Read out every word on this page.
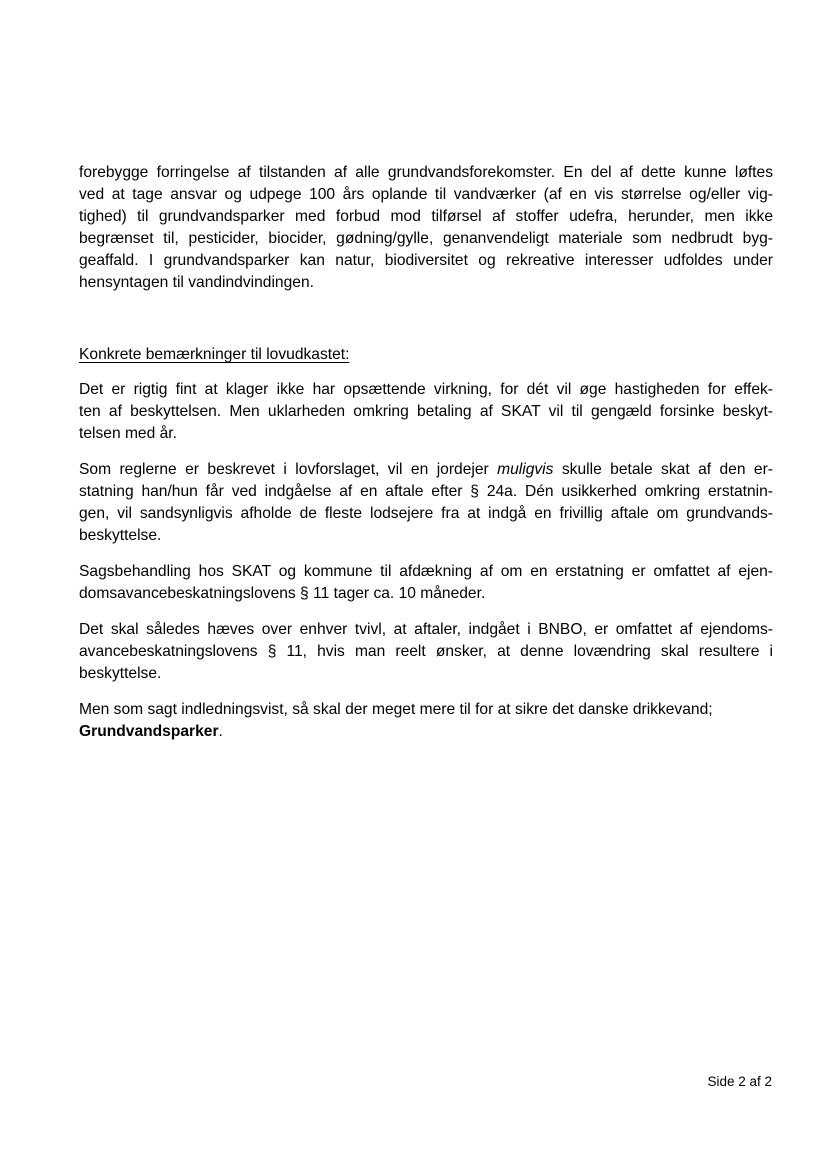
forebygge forringelse af tilstanden af alle grundvandsforekomster. En del af dette kunne løftes
ved at tage ansvar og udpege 100 års oplande til vandværker (af en vis størrelse og/eller vig-
tighed) til grundvandsparker med forbud mod tilførsel af stoffer udefra, herunder, men ikke
begrænset til, pesticider, biocider, gødning/gylle, genanvendeligt materiale som nedbrudt byg-
geaffald. I grundvandsparker kan natur, biodiversitet og rekreative interesser udfoldes under
hensyntagen til vandindvindingen.
Konkrete bemærkninger til lovudkastet:
Det er rigtig fint at klager ikke har opsættende virkning, for dét vil øge hastigheden for effek-
ten af beskyttelsen. Men uklarheden omkring betaling af SKAT vil til gengæld forsinke beskyt-
telsen med år.
Som reglerne er beskrevet i lovforslaget, vil en jordejer muligvis skulle betale skat af den er-
statning han/hun får ved indgåelse af en aftale efter § 24a. Dén usikkerhed omkring erstatnin-
gen, vil sandsynligvis afholde de fleste lodsejere fra at indgå en frivillig aftale om grundvands-
beskyttelse.
Sagsbehandling hos SKAT og kommune til afdækning af om en erstatning er omfattet af ejen-
domsavancebeskatningslovens § 11 tager ca. 10 måneder.
Det skal således hæves over enhver tvivl, at aftaler, indgået i BNBO, er omfattet af ejendoms-
avancebeskatningslovens § 11, hvis man reelt ønsker, at denne lovændring skal resultere i
beskyttelse.
Men som sagt indledningsvist, så skal der meget mere til for at sikre det danske drikkevand;
Grundvandsparker.
Side 2 af 2
